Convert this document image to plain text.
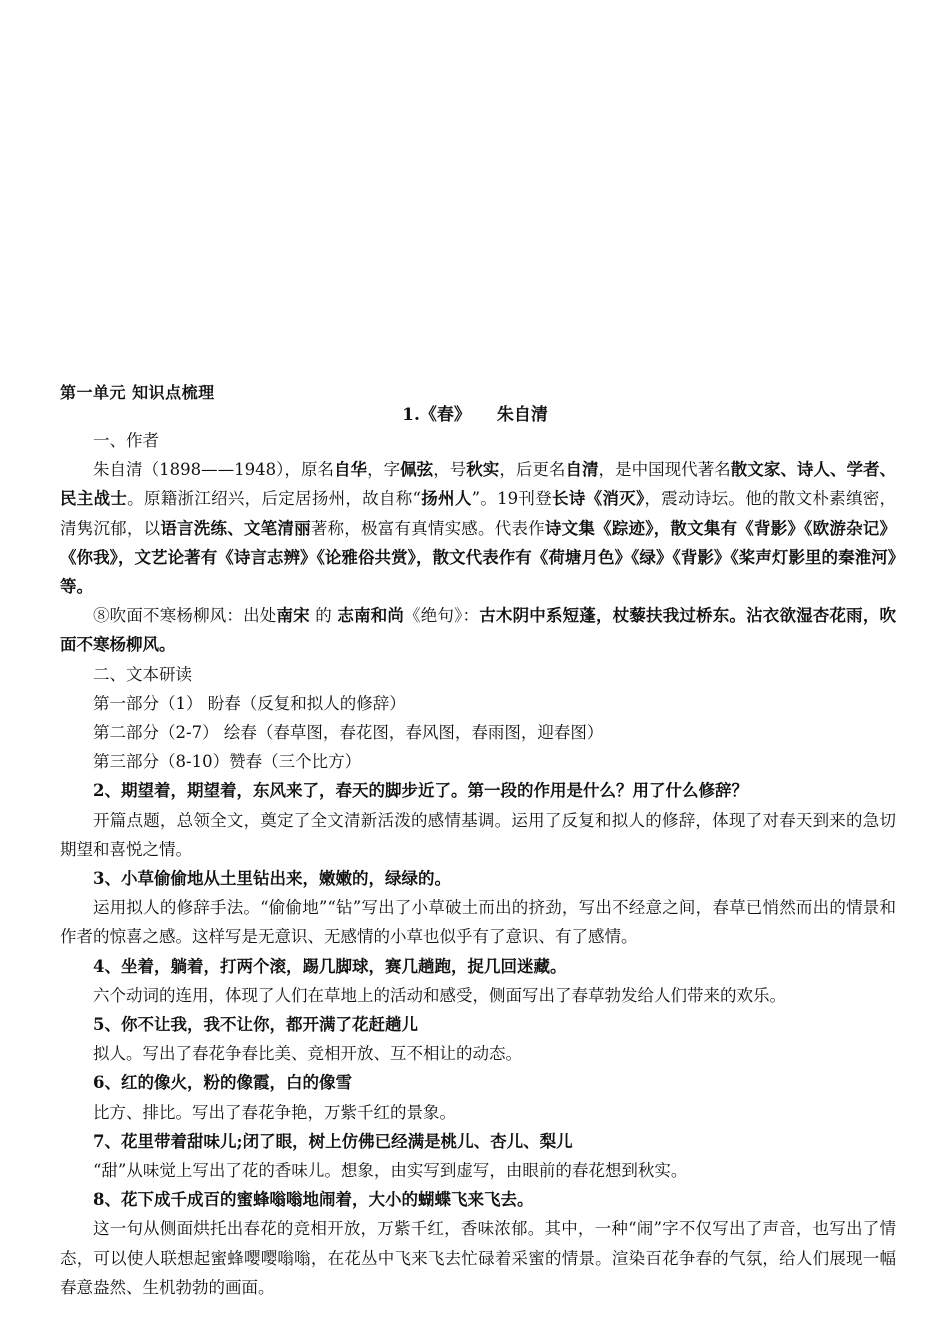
第一单元 知识点梳理
1.《春》 朱自清

一、作者

朱自清（1898——1948），原名自华，字佩弦，号秋实，后更名自清，是中国现代著名散文家、诗人、学者、民主战士。原籍浙江绍兴，后定居扬州，故自称“扬州人”。19刊登长诗《消灭》，震动诗坛。他的散文朴素缜密，清隽沉郁，以语言洗练、文笔清丽著称，极富有真情实感。代表作诗文集《踪迹》，散文集有《背影》《欧游杂记》《你我》，文艺论著有《诗言志辨》《论雅俗共赏》，散文代表作有《荷塘月色》《绿》《背影》《桨声灯影里的秦淮河》等。

⑧吹面不寒杨柳风：出处南宋 的 志南和尚《绝句》：古木阴中系短蓬，杖藜扶我过桥东。沾衣欲湿杏花雨，吹面不寒杨柳风。

二、文本研读

第一部分（1） 盼春（反复和拟人的修辞）

第二部分（2-7） 绘春（春草图，春花图，春风图，春雨图，迎春图）

第三部分（8-10）赞春（三个比方）

2、期望着，期望着，东风来了，春天的脚步近了。第一段的作用是什么？用了什么修辞？

开篇点题，总领全文，奠定了全文清新活泼的感情基调。运用了反复和拟人的修辞，体现了对春天到来的急切期望和喜悦之情。

3、小草偷偷地从土里钻出来，嫩嫩的，绿绿的。

运用拟人的修辞手法。“偷偷地”“钻”写出了小草破土而出的挤劲，写出不经意之间，春草已悄然而出的情景和作者的惊喜之感。这样写是无意识、无感情的小草也似乎有了意识、有了感情。

4、坐着，躺着，打两个滚，踢几脚球，赛几趟跑，捉几回迷藏。

六个动词的连用，体现了人们在草地上的活动和感受，侧面写出了春草勃发给人们带来的欢乐。

5、你不让我，我不让你，都开满了花赶趟儿

拟人。写出了春花争春比美、竞相开放、互不相让的动态。

6、红的像火，粉的像霞，白的像雪

比方、排比。写出了春花争艳，万紫千红的景象。

7、花里带着甜味儿;闭了眼，树上仿佛已经满是桃儿、杏儿、梨儿

“甜”从味觉上写出了花的香味儿。想象，由实写到虚写，由眼前的春花想到秋实。

8、花下成千成百的蜜蜂嗡嗡地闹着，大小的蝴蝶飞来飞去。

这一句从侧面烘托出春花的竞相开放，万紫千红，香味浓郁。其中，一种“闹”字不仅写出了声音，也写出了情态，可以使人联想起蜜蜂嘤嘤嗡嗡，在花丛中飞来飞去忙碌着采蜜的情景。渲染百花争春的气氛，给人们展现一幅春意盎然、生机勃勃的画面。
